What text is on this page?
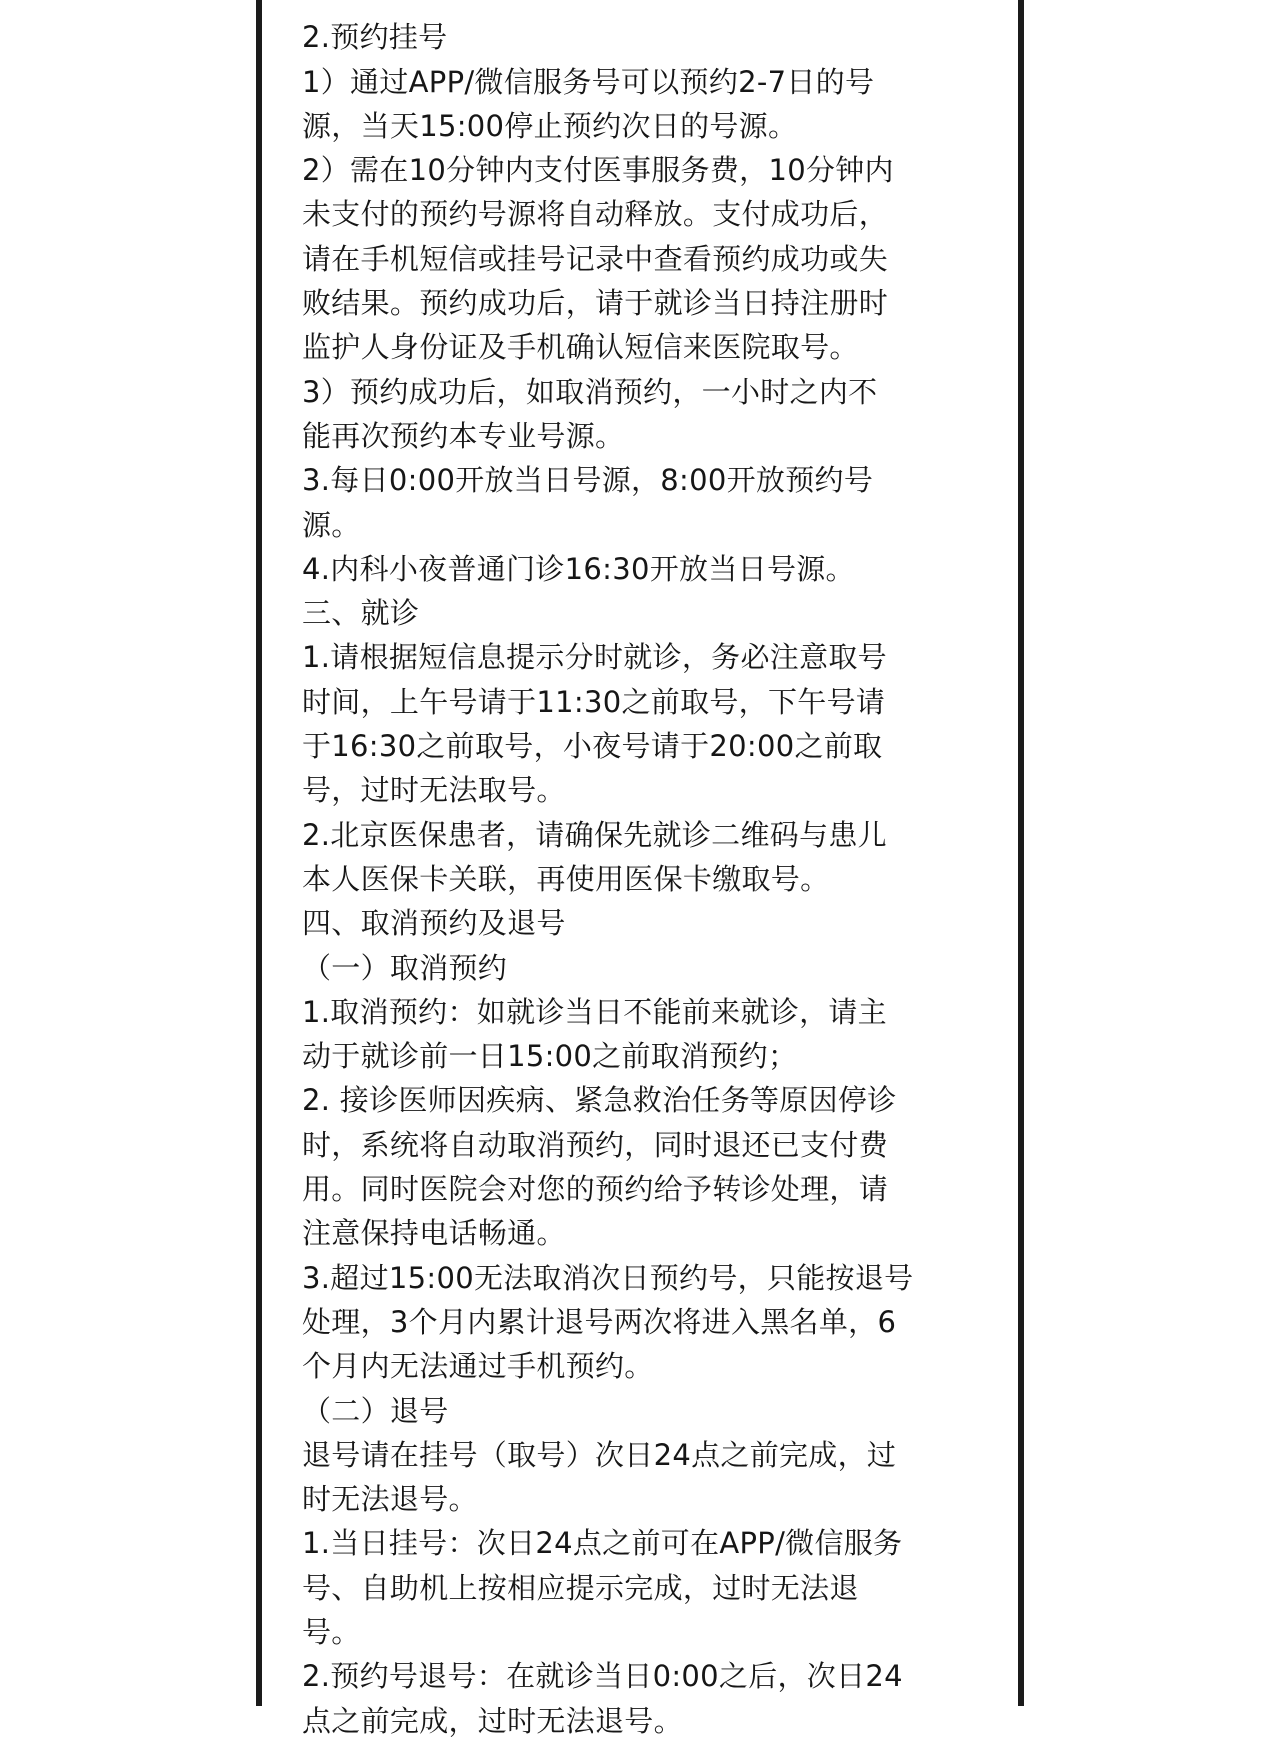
2.预约挂号
1）通过APP/微信服务号可以预约2-7日的号
源，当天15:00停止预约次日的号源。
2）需在10分钟内支付医事服务费，10分钟内
未支付的预约号源将自动释放。支付成功后，
请在手机短信或挂号记录中查看预约成功或失
败结果。预约成功后，请于就诊当日持注册时
监护人身份证及手机确认短信来医院取号。
3）预约成功后，如取消预约，一小时之内不
能再次预约本专业号源。
3.每日0:00开放当日号源，8:00开放预约号
源。
4.内科小夜普通门诊16:30开放当日号源。
三、就诊
1.请根据短信息提示分时就诊，务必注意取号
时间，上午号请于11:30之前取号，下午号请
于16:30之前取号，小夜号请于20:00之前取
号，过时无法取号。
2.北京医保患者，请确保先就诊二维码与患儿
本人医保卡关联，再使用医保卡缴取号。
四、取消预约及退号
（一）取消预约
1.取消预约：如就诊当日不能前来就诊，请主
动于就诊前一日15:00之前取消预约；
2. 接诊医师因疾病、紧急救治任务等原因停诊
时，系统将自动取消预约，同时退还已支付费
用。同时医院会对您的预约给予转诊处理，请
注意保持电话畅通。
3.超过15:00无法取消次日预约号，只能按退号
处理，3个月内累计退号两次将进入黑名单，6
个月内无法通过手机预约。
（二）退号
退号请在挂号（取号）次日24点之前完成，过
时无法退号。
1.当日挂号：次日24点之前可在APP/微信服务
号、自助机上按相应提示完成，过时无法退
号。
2.预约号退号：在就诊当日0:00之后，次日24
点之前完成，过时无法退号。
